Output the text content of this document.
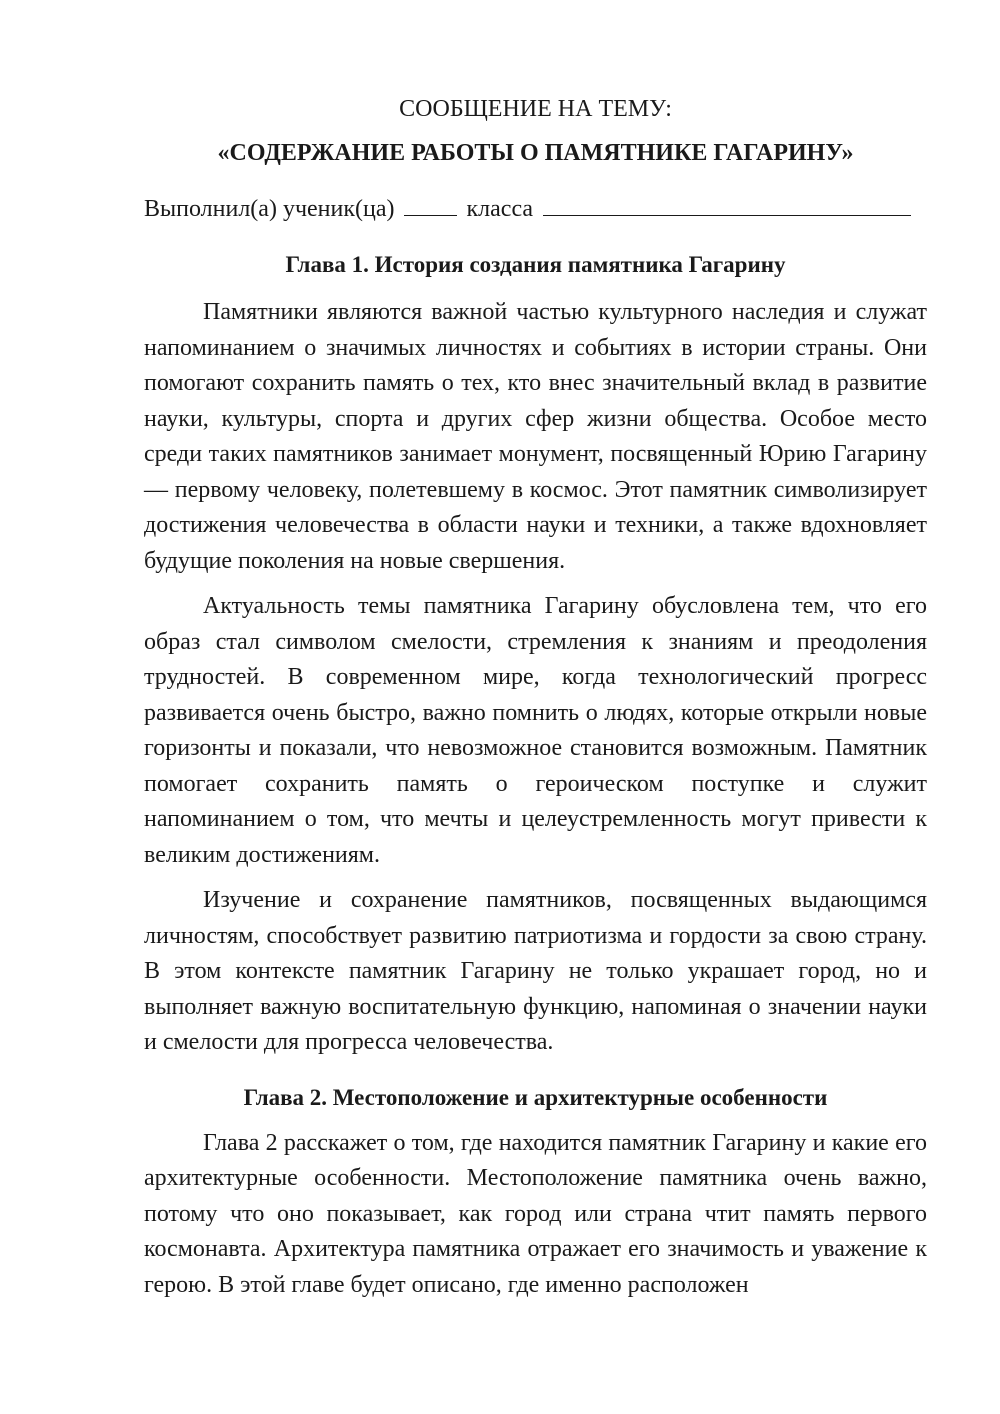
СООБЩЕНИЕ НА ТЕМУ:

«СОДЕРЖАНИЕ РАБОТЫ О ПАМЯТНИКЕ ГАГАРИНУ»

Выполнил(а) ученик(ца)	класса

Глава 1. История создания памятника Гагарину

Памятники являются важной частью культурного наследия и служат напоминанием о значимых личностях и событиях в истории страны. Они помогают сохранить память о тех, кто внес значительный вклад в развитие науки, культуры, спорта и других сфер жизни общества. Особое место среди таких памятников занимает монумент, посвященный Юрию Гагарину — первому человеку, полетевшему в космос. Этот памятник символизирует достижения человечества в области науки и техники, а также вдохновляет будущие поколения на новые свершения.

Актуальность темы памятника Гагарину обусловлена тем, что его образ стал символом смелости, стремления к знаниям и преодоления трудностей. В современном мире, когда технологический прогресс развивается очень быстро, важно помнить о людях, которые открыли новые горизонты и показали, что невозможное становится возможным. Памятник помогает сохранить память о героическом поступке и служит напоминанием о том, что мечты и целеустремленность могут привести к великим достижениям.

Изучение и сохранение памятников, посвященных выдающимся личностям, способствует развитию патриотизма и гордости за свою страну. В этом контексте памятник Гагарину не только украшает город, но и выполняет важную воспитательную функцию, напоминая о значении науки и смелости для прогресса человечества.

Глава 2. Местоположение и архитектурные особенности

Глава 2 расскажет о том, где находится памятник Гагарину и какие его архитектурные особенности. Местоположение памятника очень важно, потому что оно показывает, как город или страна чтит память первого космонавта. Архитектура памятника отражает его значимость и уважение к герою. В этой главе будет описано, где именно расположен
